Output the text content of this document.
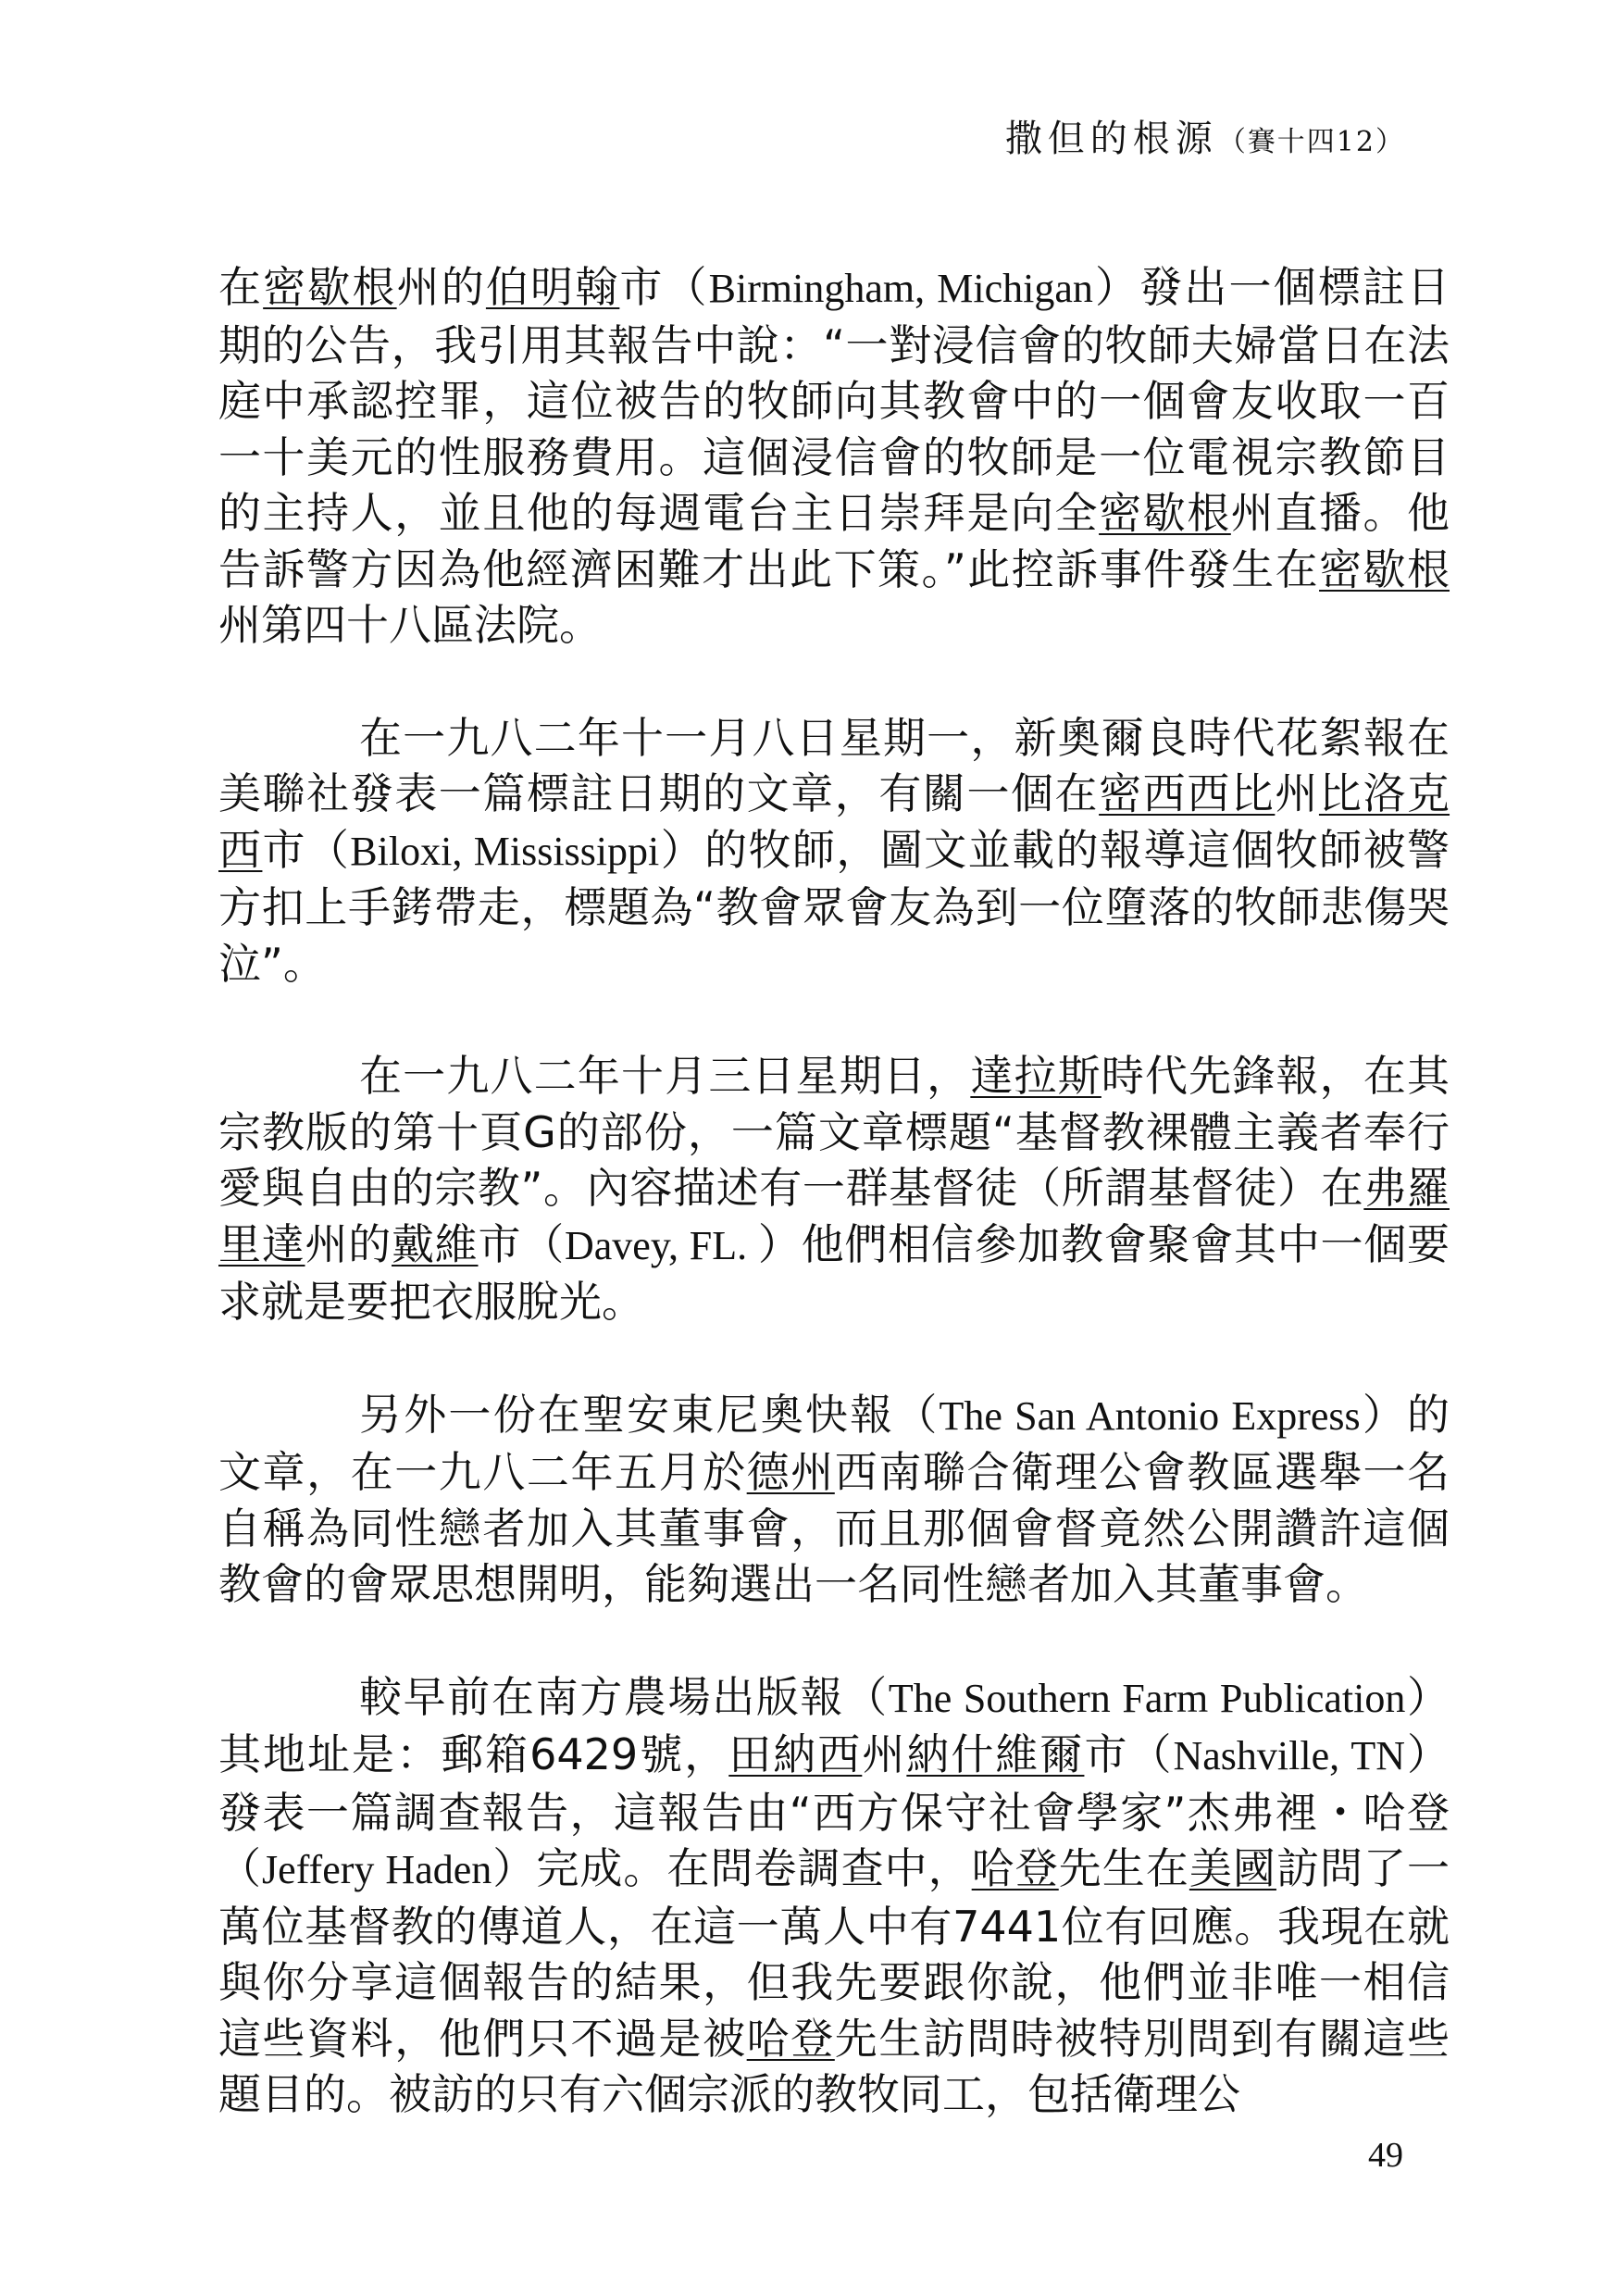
撒但的根源（賽十四12）

在密歇根州的伯明翰市（Birmingham, Michigan）發出一個標註日期的公告，我引用其報告中說：“一對浸信會的牧師夫婦當日在法庭中承認控罪，這位被告的牧師向其教會中的一個會友收取一百一十美元的性服務費用。這個浸信會的牧師是一位電視宗教節目的主持人，並且他的每週電台主日崇拜是向全密歇根州直播。他告訴警方因為他經濟困難才出此下策。”此控訴事件發生在密歇根州第四十八區法院。

在一九八二年十一月八日星期一，新奧爾良時代花絮報在美聯社發表一篇標註日期的文章，有關一個在密西西比州比洛克西市（Biloxi, Mississippi）的牧師，圖文並載的報導這個牧師被警方扣上手銬帶走，標題為“教會眾會友為到一位墮落的牧師悲傷哭泣”。

在一九八二年十月三日星期日，達拉斯時代先鋒報，在其宗教版的第十頁G的部份，一篇文章標題“基督教裸體主義者奉行愛與自由的宗教”。內容描述有一群基督徒（所謂基督徒）在弗羅里達州的戴維市（Davey, FL. ）他們相信參加教會聚會其中一個要求就是要把衣服脫光。

另外一份在聖安東尼奧快報（The San Antonio Express）的文章，在一九八二年五月於德州西南聯合衛理公會教區選舉一名自稱為同性戀者加入其董事會，而且那個會督竟然公開讚許這個教會的會眾思想開明，能夠選出一名同性戀者加入其董事會。

較早前在南方農場出版報（The Southern Farm Publication）其地址是：郵箱6429號，田納西州納什維爾市（Nashville, TN）發表一篇調查報告，這報告由“西方保守社會學家”杰弗裡・哈登（Jeffery Haden）完成。在問卷調查中，哈登先生在美國訪問了一萬位基督教的傳道人，在這一萬人中有7441位有回應。我現在就與你分享這個報告的結果，但我先要跟你說，他們並非唯一相信這些資料，他們只不過是被哈登先生訪問時被特別問到有關這些題目的。被訪的只有六個宗派的教牧同工，包括衛理公

49
